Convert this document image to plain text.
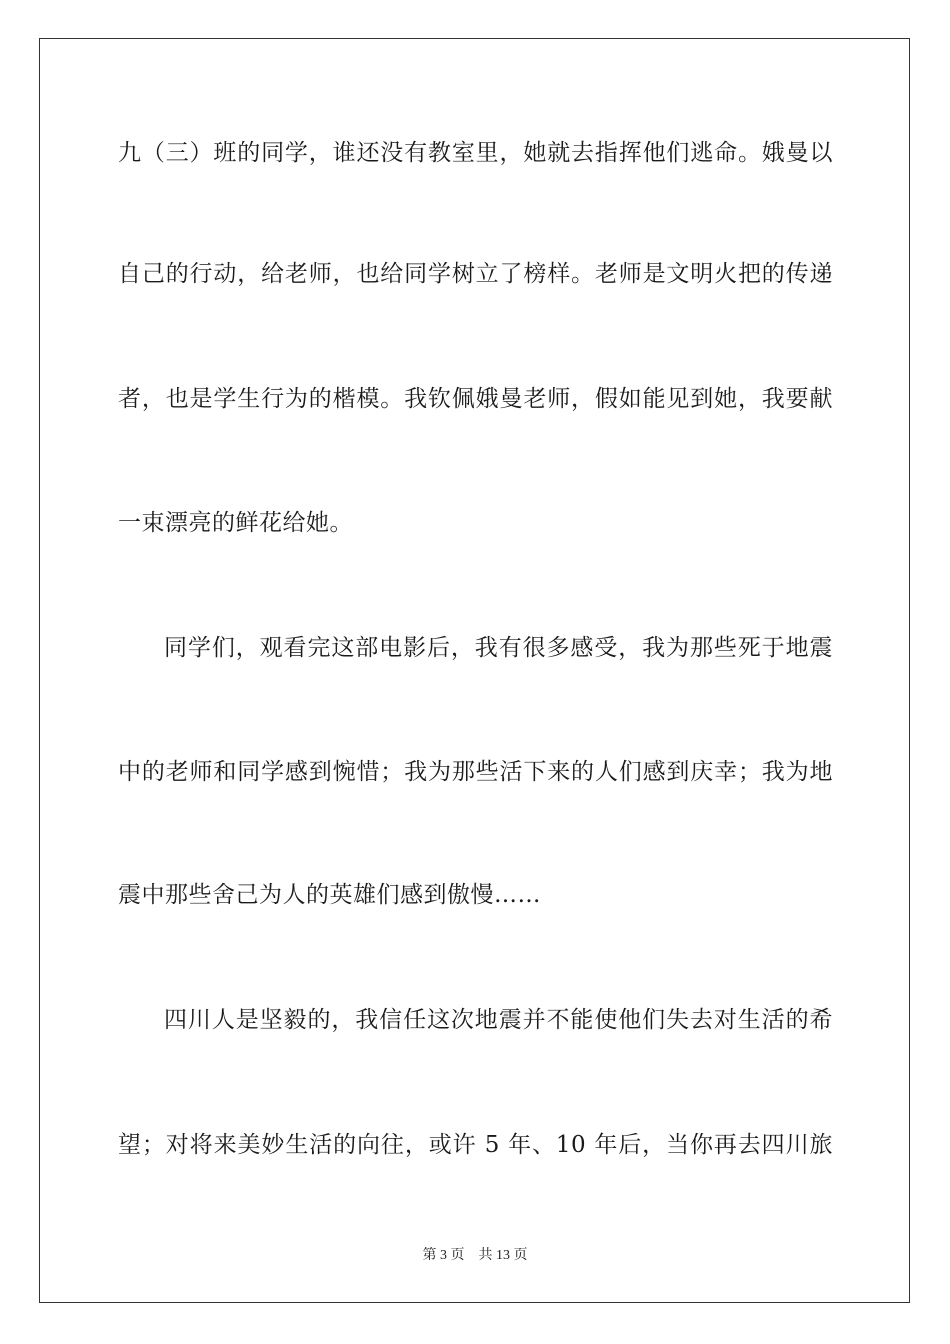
九（三）班的同学，谁还没有教室里，她就去指挥他们逃命。娥曼以
自己的行动，给老师，也给同学树立了榜样。老师是文明火把的传递
者，也是学生行为的楷模。我钦佩娥曼老师，假如能见到她，我要献
一束漂亮的鲜花给她。
同学们，观看完这部电影后，我有很多感受，我为那些死于地震
中的老师和同学感到惋惜；我为那些活下来的人们感到庆幸；我为地
震中那些舍己为人的英雄们感到傲慢……
四川人是坚毅的，我信任这次地震并不能使他们失去对生活的希
望；对将来美妙生活的向往，或许 5 年、10 年后，当你再去四川旅
第 3 页 共 13 页
